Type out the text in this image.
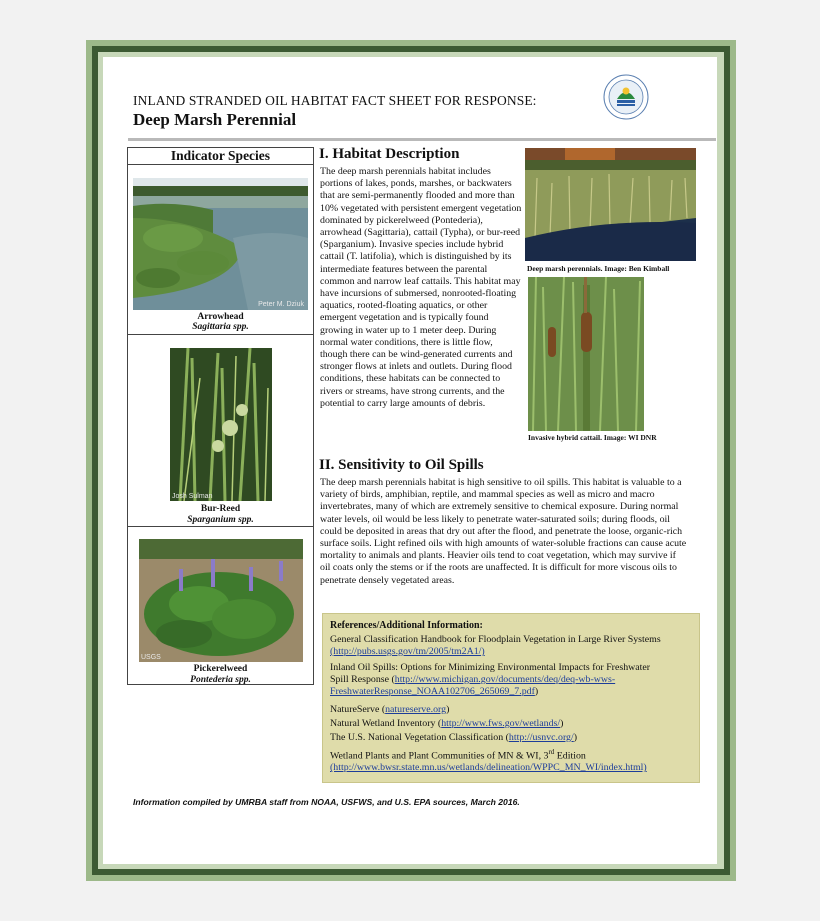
INLAND STRANDED OIL HABITAT FACT SHEET FOR RESPONSE:
Deep Marsh Perennial
Indicator Species
Peter M. Dziuk
Arrowhead
Sagittaria spp.
Josh Sulman
Bur-Reed
Sparganium spp.
USGS
Pickerelweed
Pontederia spp.
I. Habitat Description
The deep marsh perennials habitat includes portions of lakes, ponds, marshes, or backwaters that are semi-permanently flooded and more than 10% vegetated with persistent emergent vegetation dominated by pickerelweed (Pontederia), arrowhead (Sagittaria), cattail (Typha), or bur-reed (Sparganium). Invasive species include hybrid cattail (T. latifolia), which is distinguished by its intermediate features between the parental common and narrow leaf cattails. This habitat may have incursions of submersed, nonrooted-floating aquatics, rooted-floating aquatics, or other emergent vegetation and is typically found growing in water up to 1 meter deep. During normal water conditions, there is little flow, though there can be wind-generated currents and stronger flows at inlets and outlets. During flood conditions, these habitats can be connected to rivers or streams, have strong currents, and the potential to carry large amounts of debris.
Deep marsh perennials. Image: Ben Kimball
Invasive hybrid cattail. Image: WI DNR
II. Sensitivity to Oil Spills
The deep marsh perennials habitat is high sensitive to oil spills. This habitat is valuable to a variety of birds, amphibian, reptile, and mammal species as well as micro and macro invertebrates, many of which are extremely sensitive to chemical exposure. During normal water levels, oil would be less likely to penetrate water-saturated soils; during floods, oil could be deposited in areas that dry out after the flood, and penetrate the loose, organic-rich surface soils. Light refined oils with high amounts of water-soluble fractions can cause acute mortality to animals and plants. Heavier oils tend to coat vegetation, which may survive if oil coats only the stems or if the roots are unaffected. It is difficult for more viscous oils to penetrate densely vegetated areas.
References/Additional Information:
General Classification Handbook for Floodplain Vegetation in Large River Systems
(http://pubs.usgs.gov/tm/2005/tm2A1/)
Inland Oil Spills: Options for Minimizing Environmental Impacts for Freshwater
Spill Response (http://www.michigan.gov/documents/deq/deq-wb-wws-
FreshwaterResponse_NOAA102706_265069_7.pdf)
NatureServe (natureserve.org)
Natural Wetland Inventory (http://www.fws.gov/wetlands/)
The U.S. National Vegetation Classification (http://usnvc.org/)
Wetland Plants and Plant Communities of MN & WI, 3rd Edition
(http://www.bwsr.state.mn.us/wetlands/delineation/WPPC_MN_WI/index.html)
Information compiled by UMRBA staff from NOAA, USFWS, and U.S. EPA sources, March 2016.
